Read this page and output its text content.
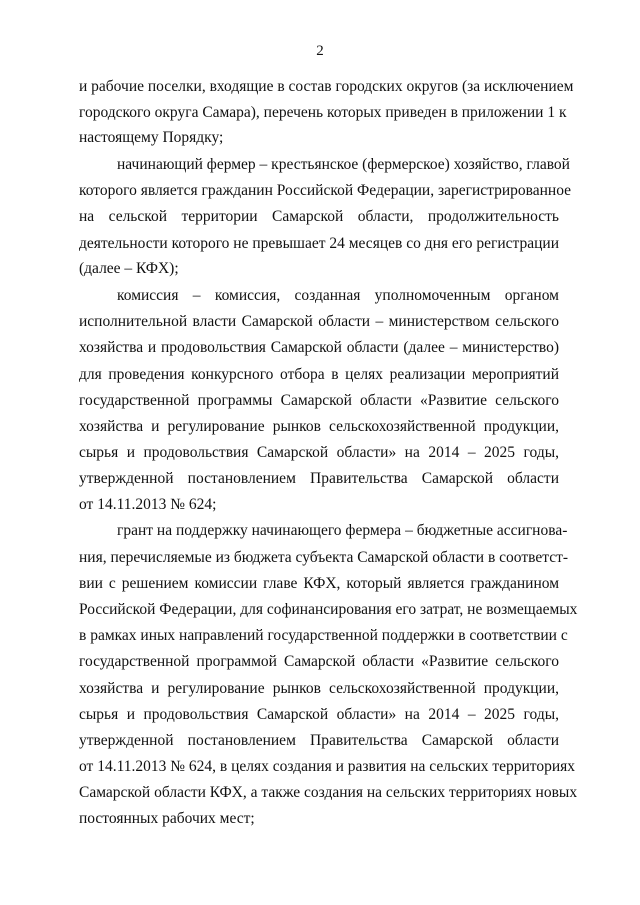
2
и рабочие поселки, входящие в состав городских округов (за исключением
городского округа Самара), перечень которых приведен в приложении 1 к
настоящему Порядку;
начинающий фермер – крестьянское (фермерское) хозяйство, главой
которого является гражданин Российской Федерации, зарегистрированное
на сельской территории Самарской области, продолжительность
деятельности которого не превышает 24 месяцев со дня его регистрации
(далее – КФХ);
комиссия – комиссия, созданная уполномоченным органом
исполнительной власти Самарской области – министерством сельского
хозяйства и продовольствия Самарской области (далее – министерство)
для проведения конкурсного отбора в целях реализации мероприятий
государственной программы Самарской области «Развитие сельского
хозяйства и регулирование рынков сельскохозяйственной продукции,
сырья и продовольствия Самарской области» на 2014 – 2025 годы,
утвержденной постановлением Правительства Самарской области
от 14.11.2013 № 624;
грант на поддержку начинающего фермера – бюджетные ассигнова-
ния, перечисляемые из бюджета субъекта Самарской области в соответст-
вии с решением комиссии главе КФХ, который является гражданином
Российской Федерации, для софинансирования его затрат, не возмещаемых
в рамках иных направлений государственной поддержки в соответствии с
государственной программой Самарской области «Развитие сельского
хозяйства и регулирование рынков сельскохозяйственной продукции,
сырья и продовольствия Самарской области» на 2014 – 2025 годы,
утвержденной постановлением Правительства Самарской области
от 14.11.2013 № 624, в целях создания и развития на сельских территориях
Самарской области КФХ, а также создания на сельских территориях новых
постоянных рабочих мест;
